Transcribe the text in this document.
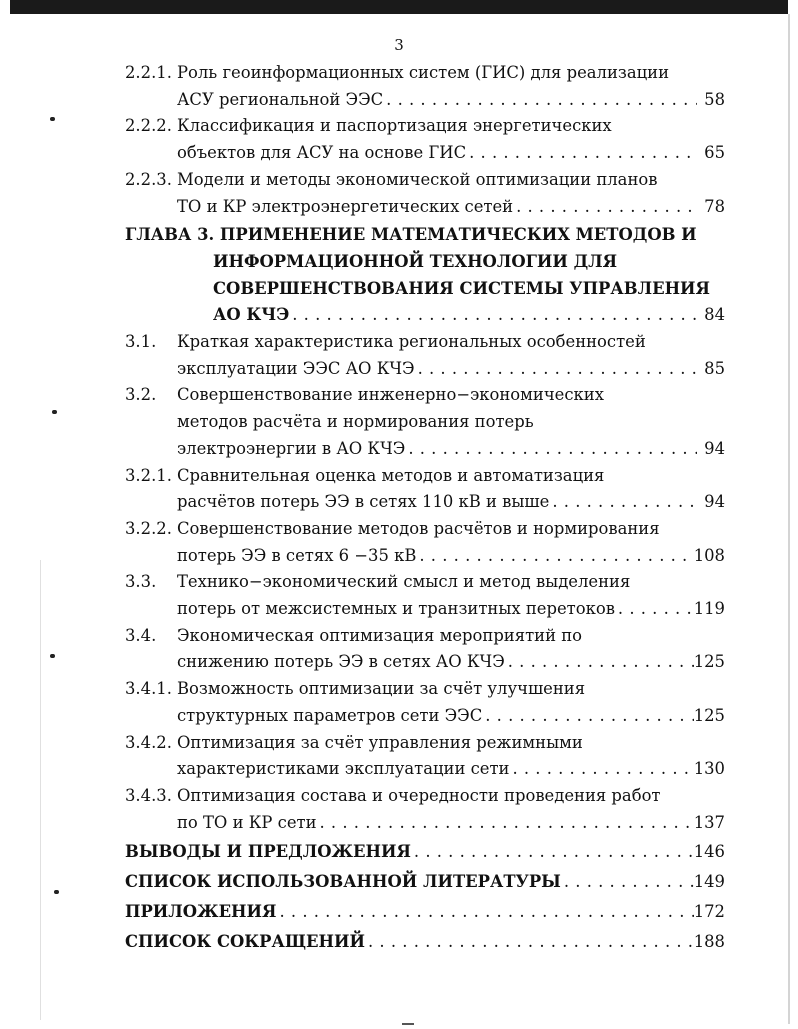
3
2.2.1. Роль геоинформационных систем (ГИС) для реализации
АСУ региональной ЭЭС . . .	58
2.2.2. Классификация и паспортизация энергетических
объектов для АСУ на основе ГИС . . .	65
2.2.3. Модели и методы экономической оптимизации планов
ТО и КР электроэнергетических сетей . . .	78
ГЛАВА 3. ПРИМЕНЕНИЕ МАТЕМАТИЧЕСКИХ МЕТОДОВ И
ИНФОРМАЦИОННОЙ ТЕХНОЛОГИИ ДЛЯ
СОВЕРШЕНСТВОВАНИЯ СИСТЕМЫ УПРАВЛЕНИЯ
АО КЧЭ . . .	84
3.1. Краткая характеристика региональных особенностей
эксплуатации ЭЭС АО КЧЭ . . .	85
3.2. Совершенствование инженерно−экономических
методов расчёта и нормирования потерь
электроэнергии в АО КЧЭ . . .	94
3.2.1. Сравнительная оценка методов и автоматизация
расчётов потерь ЭЭ в сетях 110 кВ и выше . . .	94
3.2.2. Совершенствование методов расчётов и нормирования
потерь ЭЭ в сетях 6 −35 кВ . . .	108
3.3. Технико−экономический смысл и метод выделения
потерь от межсистемных и транзитных перетоков . . .	119
3.4. Экономическая оптимизация мероприятий по
снижению потерь ЭЭ в сетях АО КЧЭ . . .	125
3.4.1. Возможность оптимизации за счёт улучшения
структурных параметров сети ЭЭС . . .	125
3.4.2. Оптимизация за счёт управления режимными
характеристиками эксплуатации сети . . .	130
3.4.3. Оптимизация состава и очередности проведения работ
по ТО и КР сети . . .	137
ВЫВОДЫ И ПРЕДЛОЖЕНИЯ . . .	146
СПИСОК ИСПОЛЬЗОВАННОЙ ЛИТЕРАТУРЫ . . .	149
ПРИЛОЖЕНИЯ . . .	172
СПИСОК СОКРАЩЕНИЙ . . .	188
